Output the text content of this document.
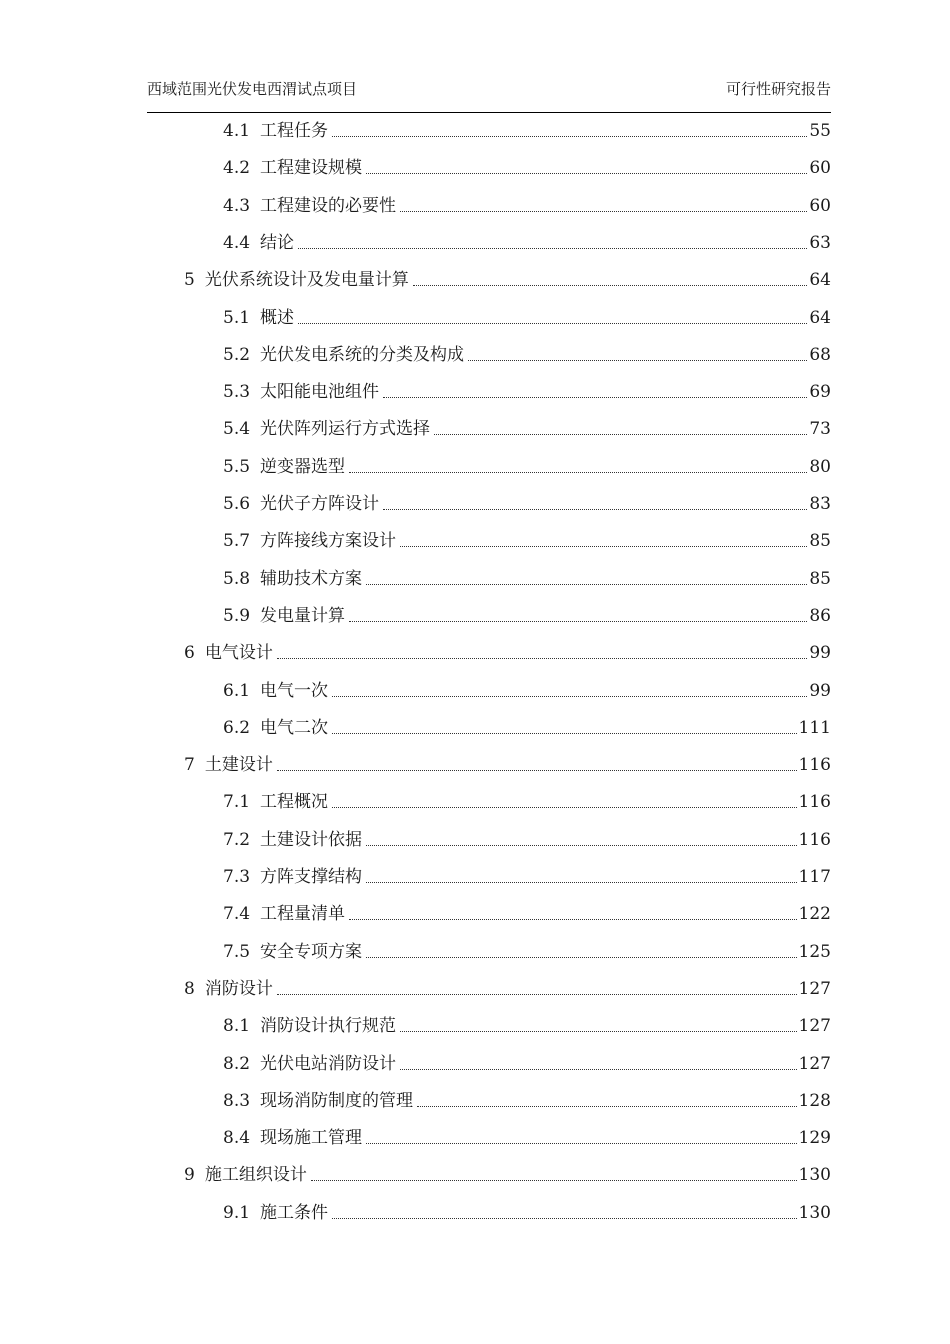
西域范围光伏发电西渭试点项目	可行性研究报告
4.1 工程任务	55
4.2 工程建设规模	60
4.3 工程建设的必要性	60
4.4 结论	63
5 光伏系统设计及发电量计算	64
5.1 概述	64
5.2 光伏发电系统的分类及构成	68
5.3 太阳能电池组件	69
5.4 光伏阵列运行方式选择	73
5.5 逆变器选型	80
5.6 光伏子方阵设计	83
5.7 方阵接线方案设计	85
5.8 辅助技术方案	85
5.9 发电量计算	86
6 电气设计	99
6.1 电气一次	99
6.2 电气二次	111
7 土建设计	116
7.1 工程概况	116
7.2 土建设计依据	116
7.3 方阵支撑结构	117
7.4 工程量清单	122
7.5 安全专项方案	125
8 消防设计	127
8.1 消防设计执行规范	127
8.2 光伏电站消防设计	127
8.3 现场消防制度的管理	128
8.4 现场施工管理	129
9 施工组织设计	130
9.1 施工条件	130
